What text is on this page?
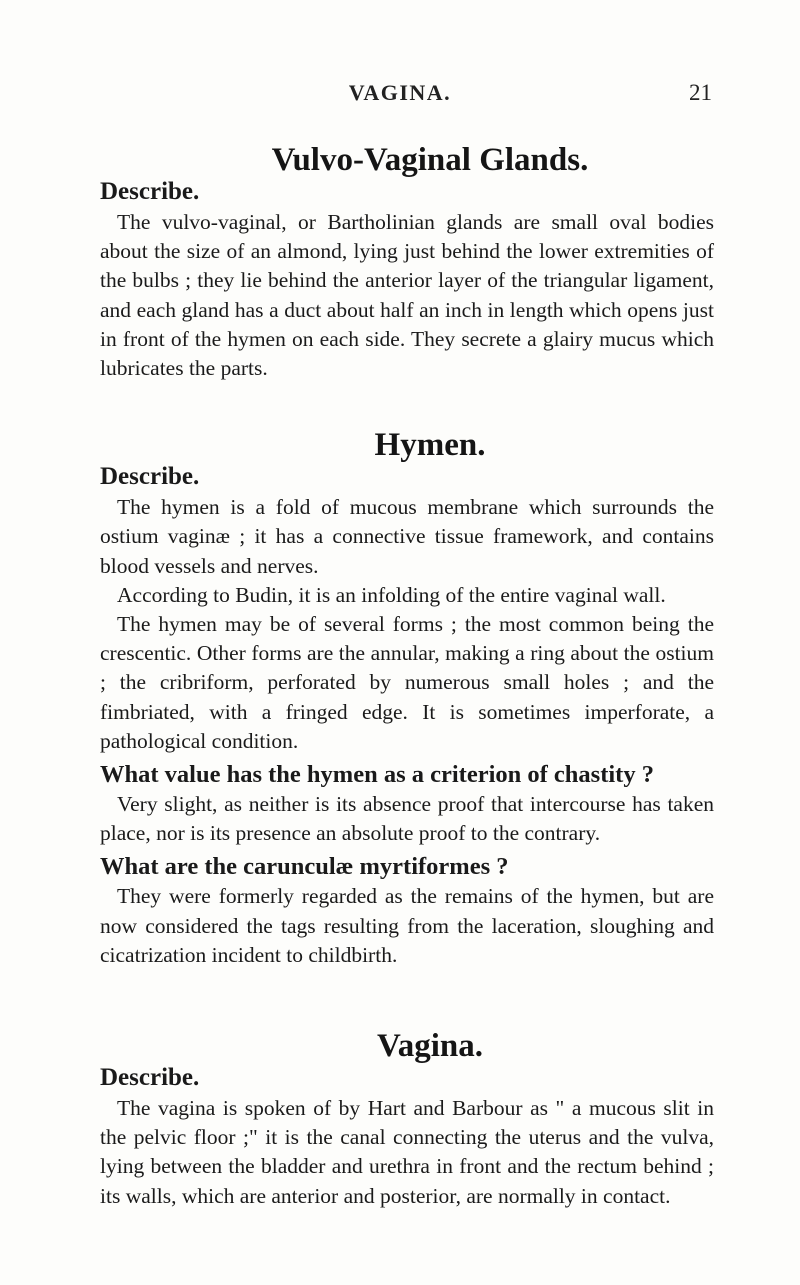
VAGINA.	21
Vulvo-Vaginal Glands.
Describe.

The vulvo-vaginal, or Bartholinian glands are small oval bodies about the size of an almond, lying just behind the lower extremities of the bulbs ; they lie behind the anterior layer of the triangular ligament, and each gland has a duct about half an inch in length which opens just in front of the hymen on each side. They secrete a glairy mucus which lubricates the parts.

Hymen.
Describe.

The hymen is a fold of mucous membrane which surrounds the ostium vaginæ ; it has a connective tissue framework, and contains blood vessels and nerves.

According to Budin, it is an infolding of the entire vaginal wall.

The hymen may be of several forms ; the most common being the crescentic. Other forms are the annular, making a ring about the ostium ; the cribriform, perforated by numerous small holes ; and the fimbriated, with a fringed edge. It is sometimes imperforate, a pathological condition.

What value has the hymen as a criterion of chastity ?

Very slight, as neither is its absence proof that intercourse has taken place, nor is its presence an absolute proof to the contrary.

What are the carunculæ myrtiformes ?

They were formerly regarded as the remains of the hymen, but are now considered the tags resulting from the laceration, sloughing and cicatrization incident to childbirth.

Vagina.
Describe.

The vagina is spoken of by Hart and Barbour as " a mucous slit in the pelvic floor ;" it is the canal connecting the uterus and the vulva, lying between the bladder and urethra in front and the rectum behind ; its walls, which are anterior and posterior, are normally in contact.
